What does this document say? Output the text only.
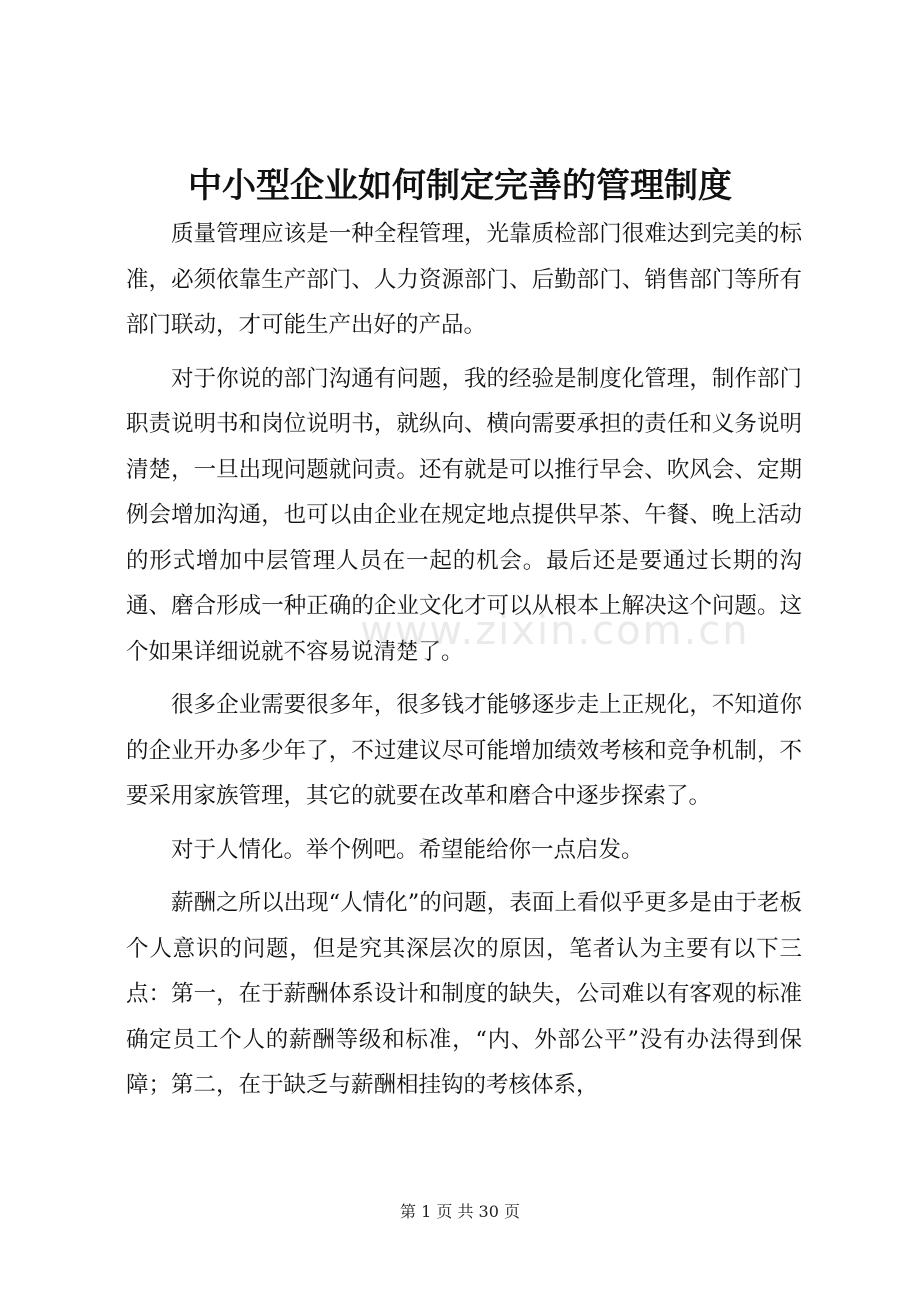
中小型企业如何制定完善的管理制度

质量管理应该是一种全程管理，光靠质检部门很难达到完美的标准，必须依靠生产部门、人力资源部门、后勤部门、销售部门等所有部门联动，才可能生产出好的产品。

对于你说的部门沟通有问题，我的经验是制度化管理，制作部门职责说明书和岗位说明书，就纵向、横向需要承担的责任和义务说明清楚，一旦出现问题就问责。还有就是可以推行早会、吹风会、定期例会增加沟通，也可以由企业在规定地点提供早茶、午餐、晚上活动的形式增加中层管理人员在一起的机会。最后还是要通过长期的沟通、磨合形成一种正确的企业文化才可以从根本上解决这个问题。这个如果详细说就不容易说清楚了。

很多企业需要很多年，很多钱才能够逐步走上正规化，不知道你的企业开办多少年了，不过建议尽可能增加绩效考核和竞争机制，不要采用家族管理，其它的就要在改革和磨合中逐步探索了。

对于人情化。举个例吧。希望能给你一点启发。

薪酬之所以出现“人情化”的问题，表面上看似乎更多是由于老板个人意识的问题，但是究其深层次的原因，笔者认为主要有以下三点：第一，在于薪酬体系设计和制度的缺失，公司难以有客观的标准确定员工个人的薪酬等级和标准，“内、外部公平”没有办法得到保障；第二，在于缺乏与薪酬相挂钩的考核体系，

www.zixin.com.cn
第 1 页 共 30 页
